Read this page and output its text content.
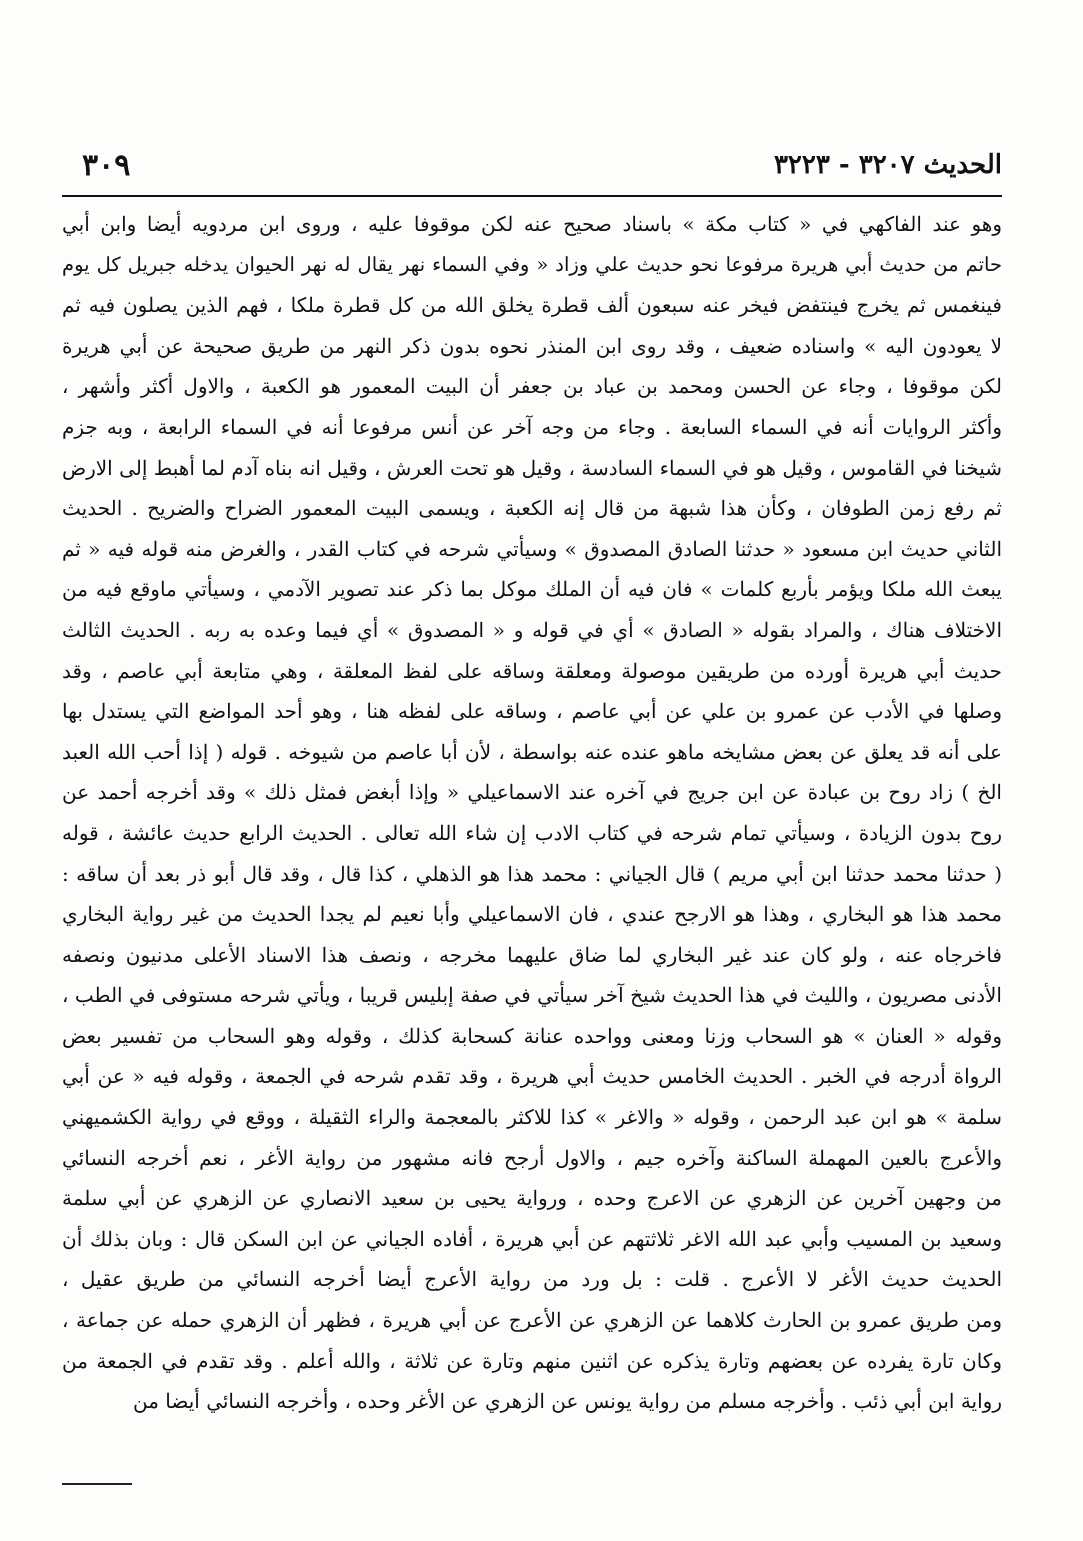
الحديث ٣٢٠٧ - ٣٢٢٣
٣٠٩
وهو عند الفاكهي في « كتاب مكة » باسناد صحيح عنه لكن موقوفا عليه ، وروى ابن مردويه أيضا وابن أبي
حاتم من حديث أبي هريرة مرفوعا نحو حديث علي وزاد « وفي السماء نهر يقال له نهر الحيوان يدخله جبريل كل يوم
فينغمس ثم يخرج فينتفض فيخر عنه سبعون ألف قطرة يخلق الله من كل قطرة ملكا ، فهم الذين يصلون فيه ثم
لا يعودون اليه » واسناده ضعيف ، وقد روى ابن المنذر نحوه بدون ذكر النهر من طريق صحيحة عن أبي هريرة
لكن موقوفا ، وجاء عن الحسن ومحمد بن عباد بن جعفر أن البيت المعمور هو الكعبة ، والاول أكثر وأشهر ،
وأكثر الروايات أنه في السماء السابعة . وجاء من وجه آخر عن أنس مرفوعا أنه في السماء الرابعة ، وبه جزم
شيخنا في القاموس ، وقيل هو في السماء السادسة ، وقيل هو تحت العرش ، وقيل انه بناه آدم لما أهبط إلى الارض
ثم رفع زمن الطوفان ، وكأن هذا شبهة من قال إنه الكعبة ، ويسمى البيت المعمور الضراح والضريح . الحديث
الثاني حديث ابن مسعود « حدثنا الصادق المصدوق » وسيأتي شرحه في كتاب القدر ، والغرض منه قوله فيه « ثم
يبعث الله ملكا ويؤمر بأربع كلمات » فان فيه أن الملك موكل بما ذكر عند تصوير الآدمي ، وسيأتي ماوقع فيه من
الاختلاف هناك ، والمراد بقوله « الصادق » أي في قوله و « المصدوق » أي فيما وعده به ربه . الحديث الثالث
حديث أبي هريرة أورده من طريقين موصولة ومعلقة وساقه على لفظ المعلقة ، وهي متابعة أبي عاصم ، وقد
وصلها في الأدب عن عمرو بن علي عن أبي عاصم ، وساقه على لفظه هنا ، وهو أحد المواضع التي يستدل بها
على أنه قد يعلق عن بعض مشايخه ماهو عنده عنه بواسطة ، لأن أبا عاصم من شيوخه . قوله ( إذا أحب الله العبد
الخ ) زاد روح بن عبادة عن ابن جريج في آخره عند الاسماعيلي « وإذا أبغض فمثل ذلك » وقد أخرجه أحمد عن
روح بدون الزيادة ، وسيأتي تمام شرحه في كتاب الادب إن شاء الله تعالى . الحديث الرابع حديث عائشة ، قوله
( حدثنا محمد حدثنا ابن أبي مريم ) قال الجياني : محمد هذا هو الذهلي ، كذا قال ، وقد قال أبو ذر بعد أن ساقه :
محمد هذا هو البخاري ، وهذا هو الارجح عندي ، فان الاسماعيلي وأبا نعيم لم يجدا الحديث من غير رواية البخاري
فاخرجاه عنه ، ولو كان عند غير البخاري لما ضاق عليهما مخرجه ، ونصف هذا الاسناد الأعلى مدنيون ونصفه
الأدنى مصريون ، والليث في هذا الحديث شيخ آخر سيأتي في صفة إبليس قريبا ، ويأتي شرحه مستوفى في الطب ،
وقوله « العنان » هو السحاب وزنا ومعنى وواحده عنانة كسحابة كذلك ، وقوله وهو السحاب من تفسير بعض
الرواة أدرجه في الخبر . الحديث الخامس حديث أبي هريرة ، وقد تقدم شرحه في الجمعة ، وقوله فيه « عن أبي
سلمة » هو ابن عبد الرحمن ، وقوله « والاغر » كذا للاكثر بالمعجمة والراء الثقيلة ، ووقع في رواية الكشميهني
والأعرج بالعين المهملة الساكنة وآخره جيم ، والاول أرجح فانه مشهور من رواية الأغر ، نعم أخرجه النسائي
من وجهين آخرين عن الزهري عن الاعرج وحده ، ورواية يحيى بن سعيد الانصاري عن الزهري عن أبي سلمة
وسعيد بن المسيب وأبي عبد الله الاغر ثلاثتهم عن أبي هريرة ، أفاده الجياني عن ابن السكن قال : وبان بذلك أن
الحديث حديث الأغر لا الأعرج . قلت : بل ورد من رواية الأعرج أيضا أخرجه النسائي من طريق عقيل ،
ومن طريق عمرو بن الحارث كلاهما عن الزهري عن الأعرج عن أبي هريرة ، فظهر أن الزهري حمله عن جماعة ،
وكان تارة يفرده عن بعضهم وتارة يذكره عن اثنين منهم وتارة عن ثلاثة ، والله أعلم . وقد تقدم في الجمعة من
رواية ابن أبي ذئب . وأخرجه مسلم من رواية يونس عن الزهري عن الأغر وحده ، وأخرجه النسائي أيضا من
